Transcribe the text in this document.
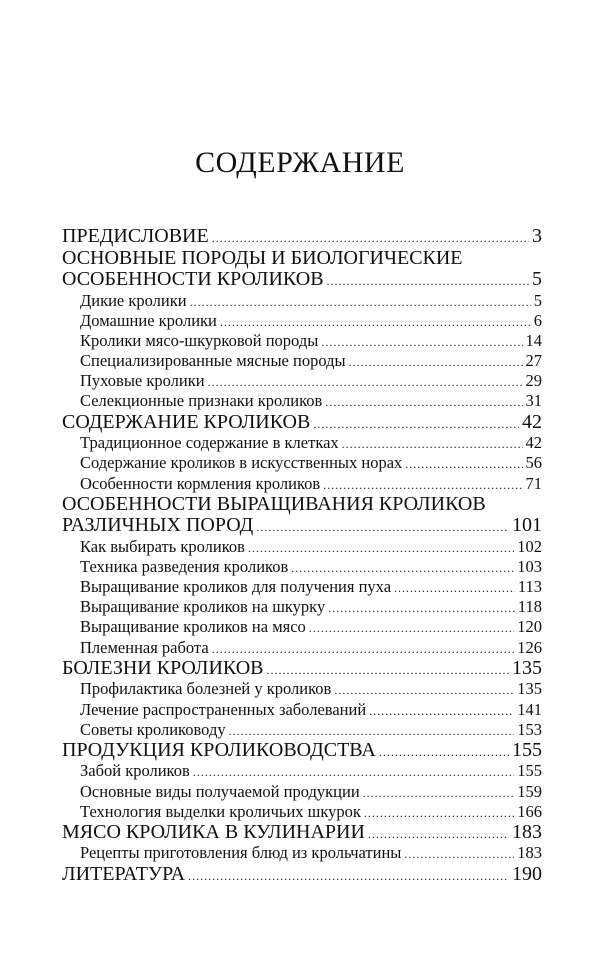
СОДЕРЖАНИЕ
ПРЕДИСЛОВИЕ .....	3
ОСНОВНЫЕ ПОРОДЫ И БИОЛОГИЧЕСКИЕ
ОСОБЕННОСТИ КРОЛИКОВ .....	5
Дикие кролики .....	5
Домашние кролики .....	6
Кролики мясо-шкурковой породы .....	14
Специализированные мясные породы .....	27
Пуховые кролики .....	29
Селекционные признаки кроликов .....	31
СОДЕРЖАНИЕ КРОЛИКОВ .....	42
Традиционное содержание в клетках .....	42
Содержание кроликов в искусственных норах .....	56
Особенности кормления кроликов .....	71
ОСОБЕННОСТИ ВЫРАЩИВАНИЯ КРОЛИКОВ
РАЗЛИЧНЫХ ПОРОД .....	101
Как выбирать кроликов .....	102
Техника разведения кроликов .....	103
Выращивание кроликов для получения пуха .....	113
Выращивание кроликов на шкурку .....	118
Выращивание кроликов на мясо .....	120
Племенная работа .....	126
БОЛЕЗНИ КРОЛИКОВ .....	135
Профилактика болезней у кроликов .....	135
Лечение распространенных заболеваний .....	141
Советы кролиководу .....	153
ПРОДУКЦИЯ КРОЛИКОВОДСТВА .....	155
Забой кроликов .....	155
Основные виды получаемой продукции .....	159
Технология выделки кроличьих шкурок .....	166
МЯСО КРОЛИКА В КУЛИНАРИИ .....	183
Рецепты приготовления блюд из крольчатины .....	183
ЛИТЕРАТУРА .....	190
